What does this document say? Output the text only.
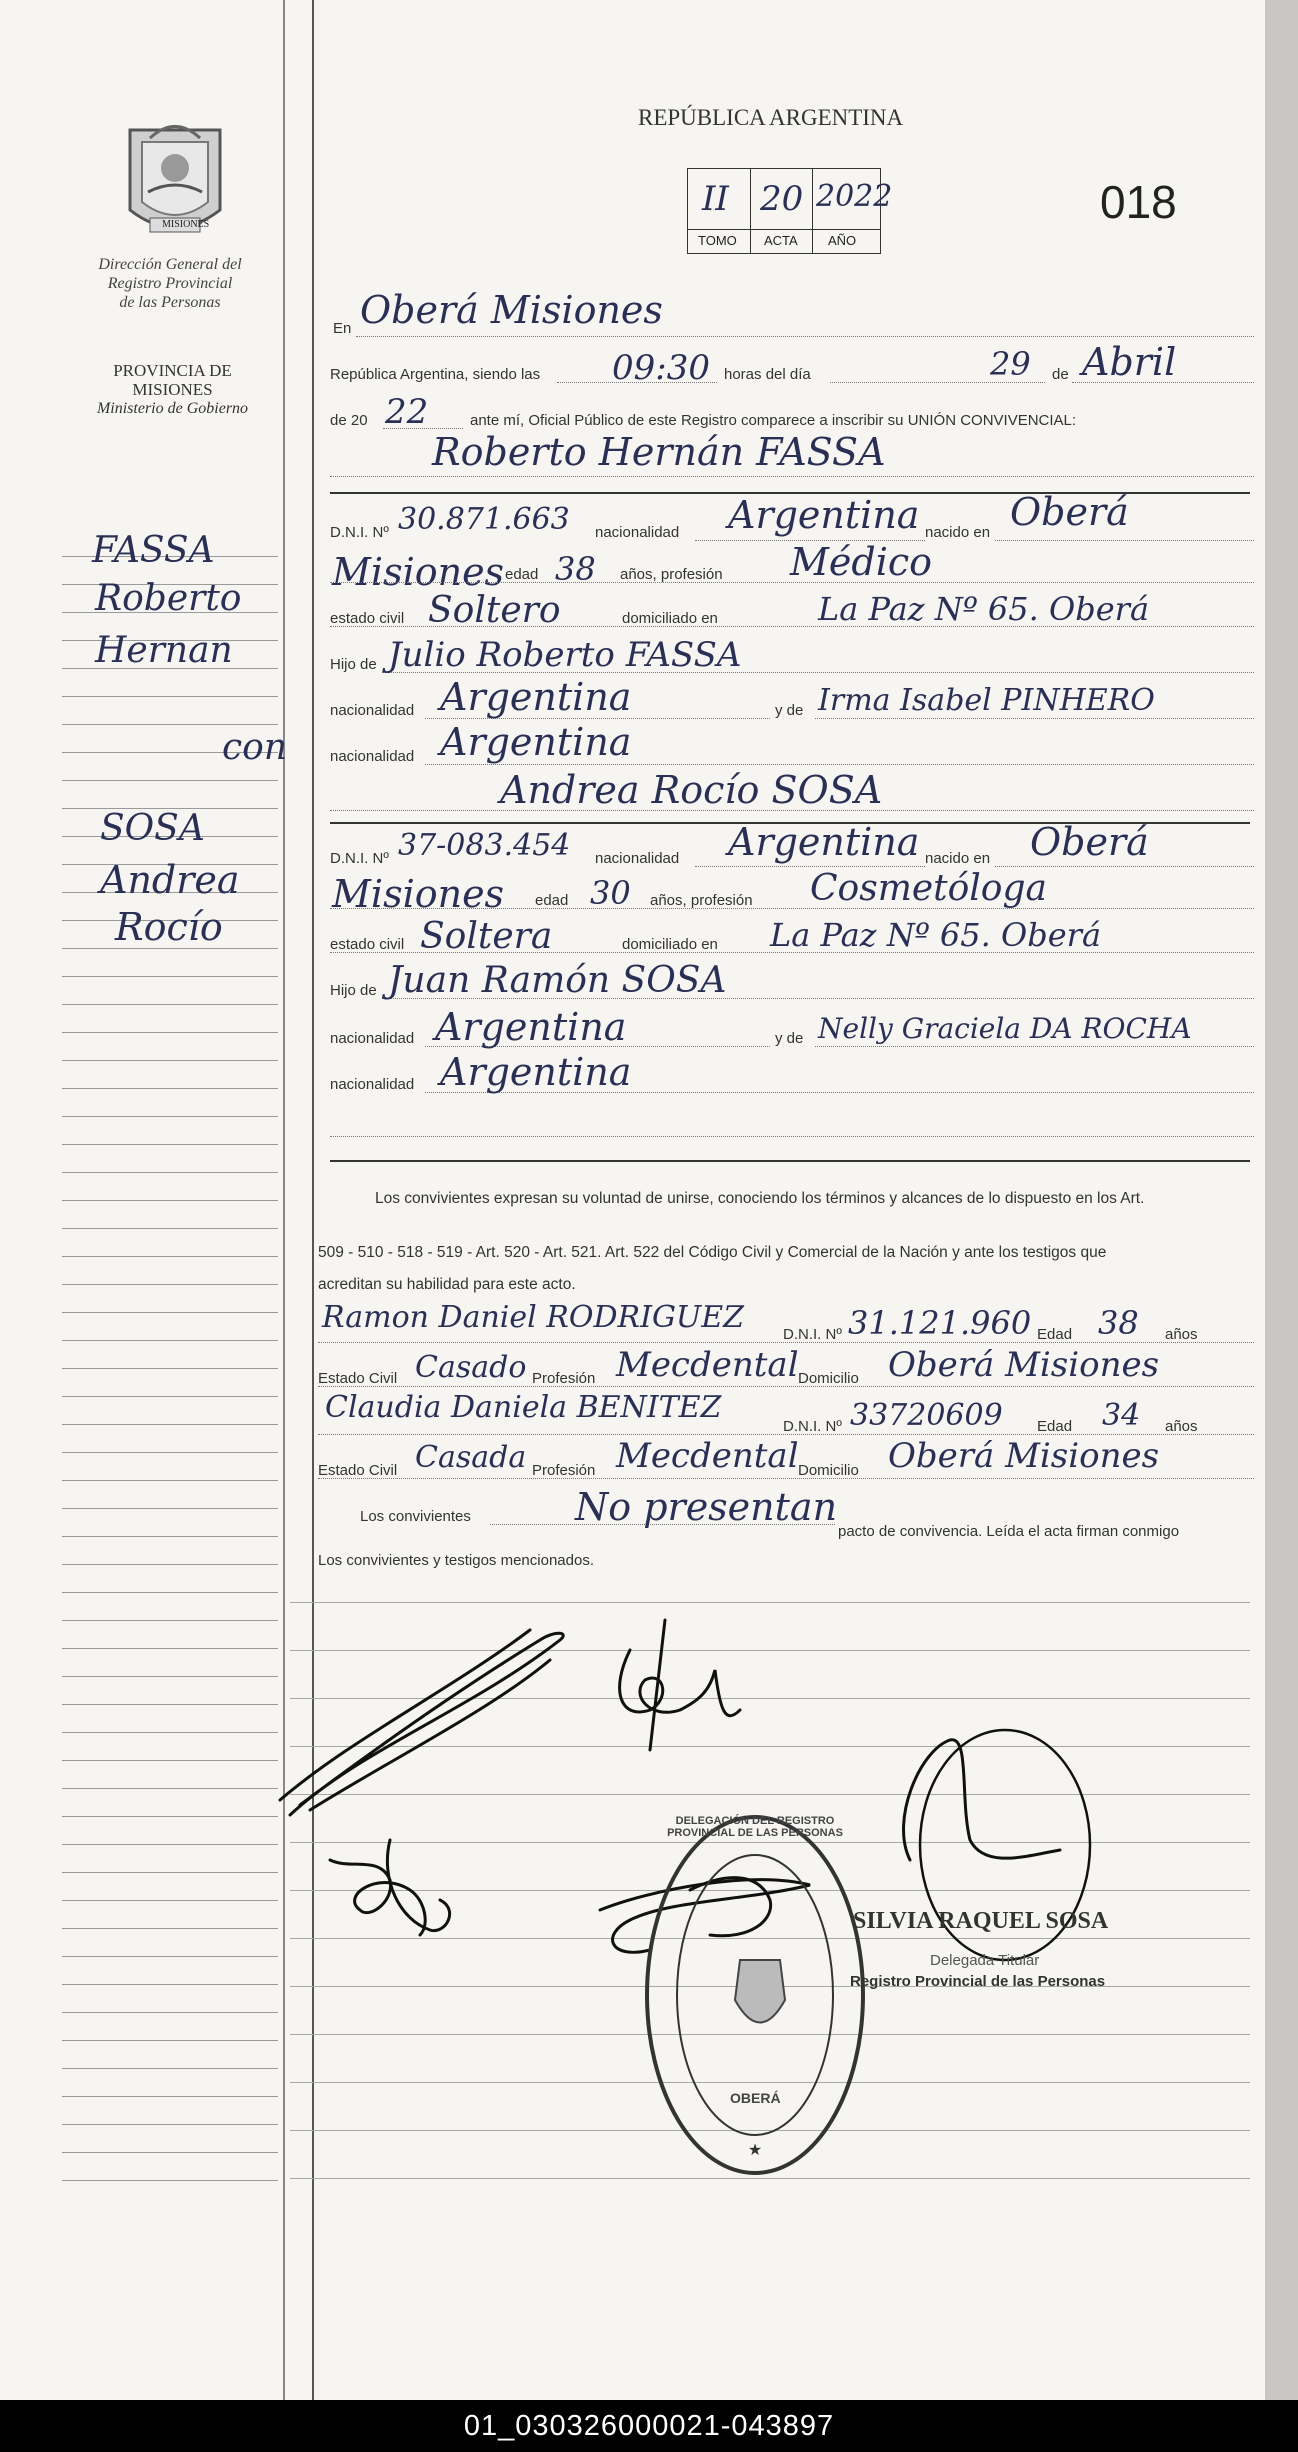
MISIONES
Dirección General del
Registro Provincial
de las Personas
PROVINCIA DE
MISIONES
Ministerio de Gobierno
FASSA
Roberto
Hernan
con
SOSA
Andrea
Rocío
REPÚBLICA ARGENTINA
018
II 20 2022
TOMO ACTA AÑO
En Oberá Misiones
República Argentina, siendo las 09:30 horas del día	29 de Abril
de 20 22	ante mí, Oficial Público de este Registro comparece a inscribir su UNIÓN CONVIVENCIAL:
Roberto Hernán FASSA
D.N.I. Nº 30.871.663 nacionalidad Argentina nacido en Oberá
Misiones edad 38 años, profesión Médico
estado civil Soltero	domiciliado en	La Paz Nº 65. Oberá
Hijo de Julio Roberto FASSA
nacionalidad Argentina	y de Irma Isabel PINHERO
nacionalidad Argentina
Andrea Rocío SOSA
D.N.I. Nº 37-083.454 nacionalidad Argentina nacido en Oberá
Misiones edad 30 años, profesión Cosmetóloga
estado civil Soltera	domiciliado en La Paz Nº 65. Oberá
Hijo de Juan Ramón SOSA
nacionalidad Argentina	y de Nelly Graciela DA ROCHA
nacionalidad Argentina
Los convivientes expresan su voluntad de unirse, conociendo los términos y alcances de lo dispuesto en los Art.
509 - 510 - 518 - 519 - Art. 520 - Art. 521. Art. 522 del Código Civil y Comercial de la Nación y ante los testigos que
acreditan su habilidad para este acto.
Ramon Daniel RODRIGUEZ	D.N.I. Nº 31.121.960 Edad 38 años
Estado Civil Casado Profesión Mecdental Domicilio Oberá Misiones
Claudia Daniela BENITEZ
D.N.I. Nº 33720609 Edad 34 años
Estado Civil Casada Profesión Mecdental Domicilio Oberá Misiones
Los convivientes	No presentan
pacto de convivencia. Leída el acta firman conmigo
Los convivientes y testigos mencionados.
★
DELEGACIÓN DEL REGISTRO PROVINCIAL DE LAS PERSONAS
OBERÁ
SILVIA RAQUEL SOSA
Delegada Titular
Registro Provincial de las Personas
01_030326000021-043897
